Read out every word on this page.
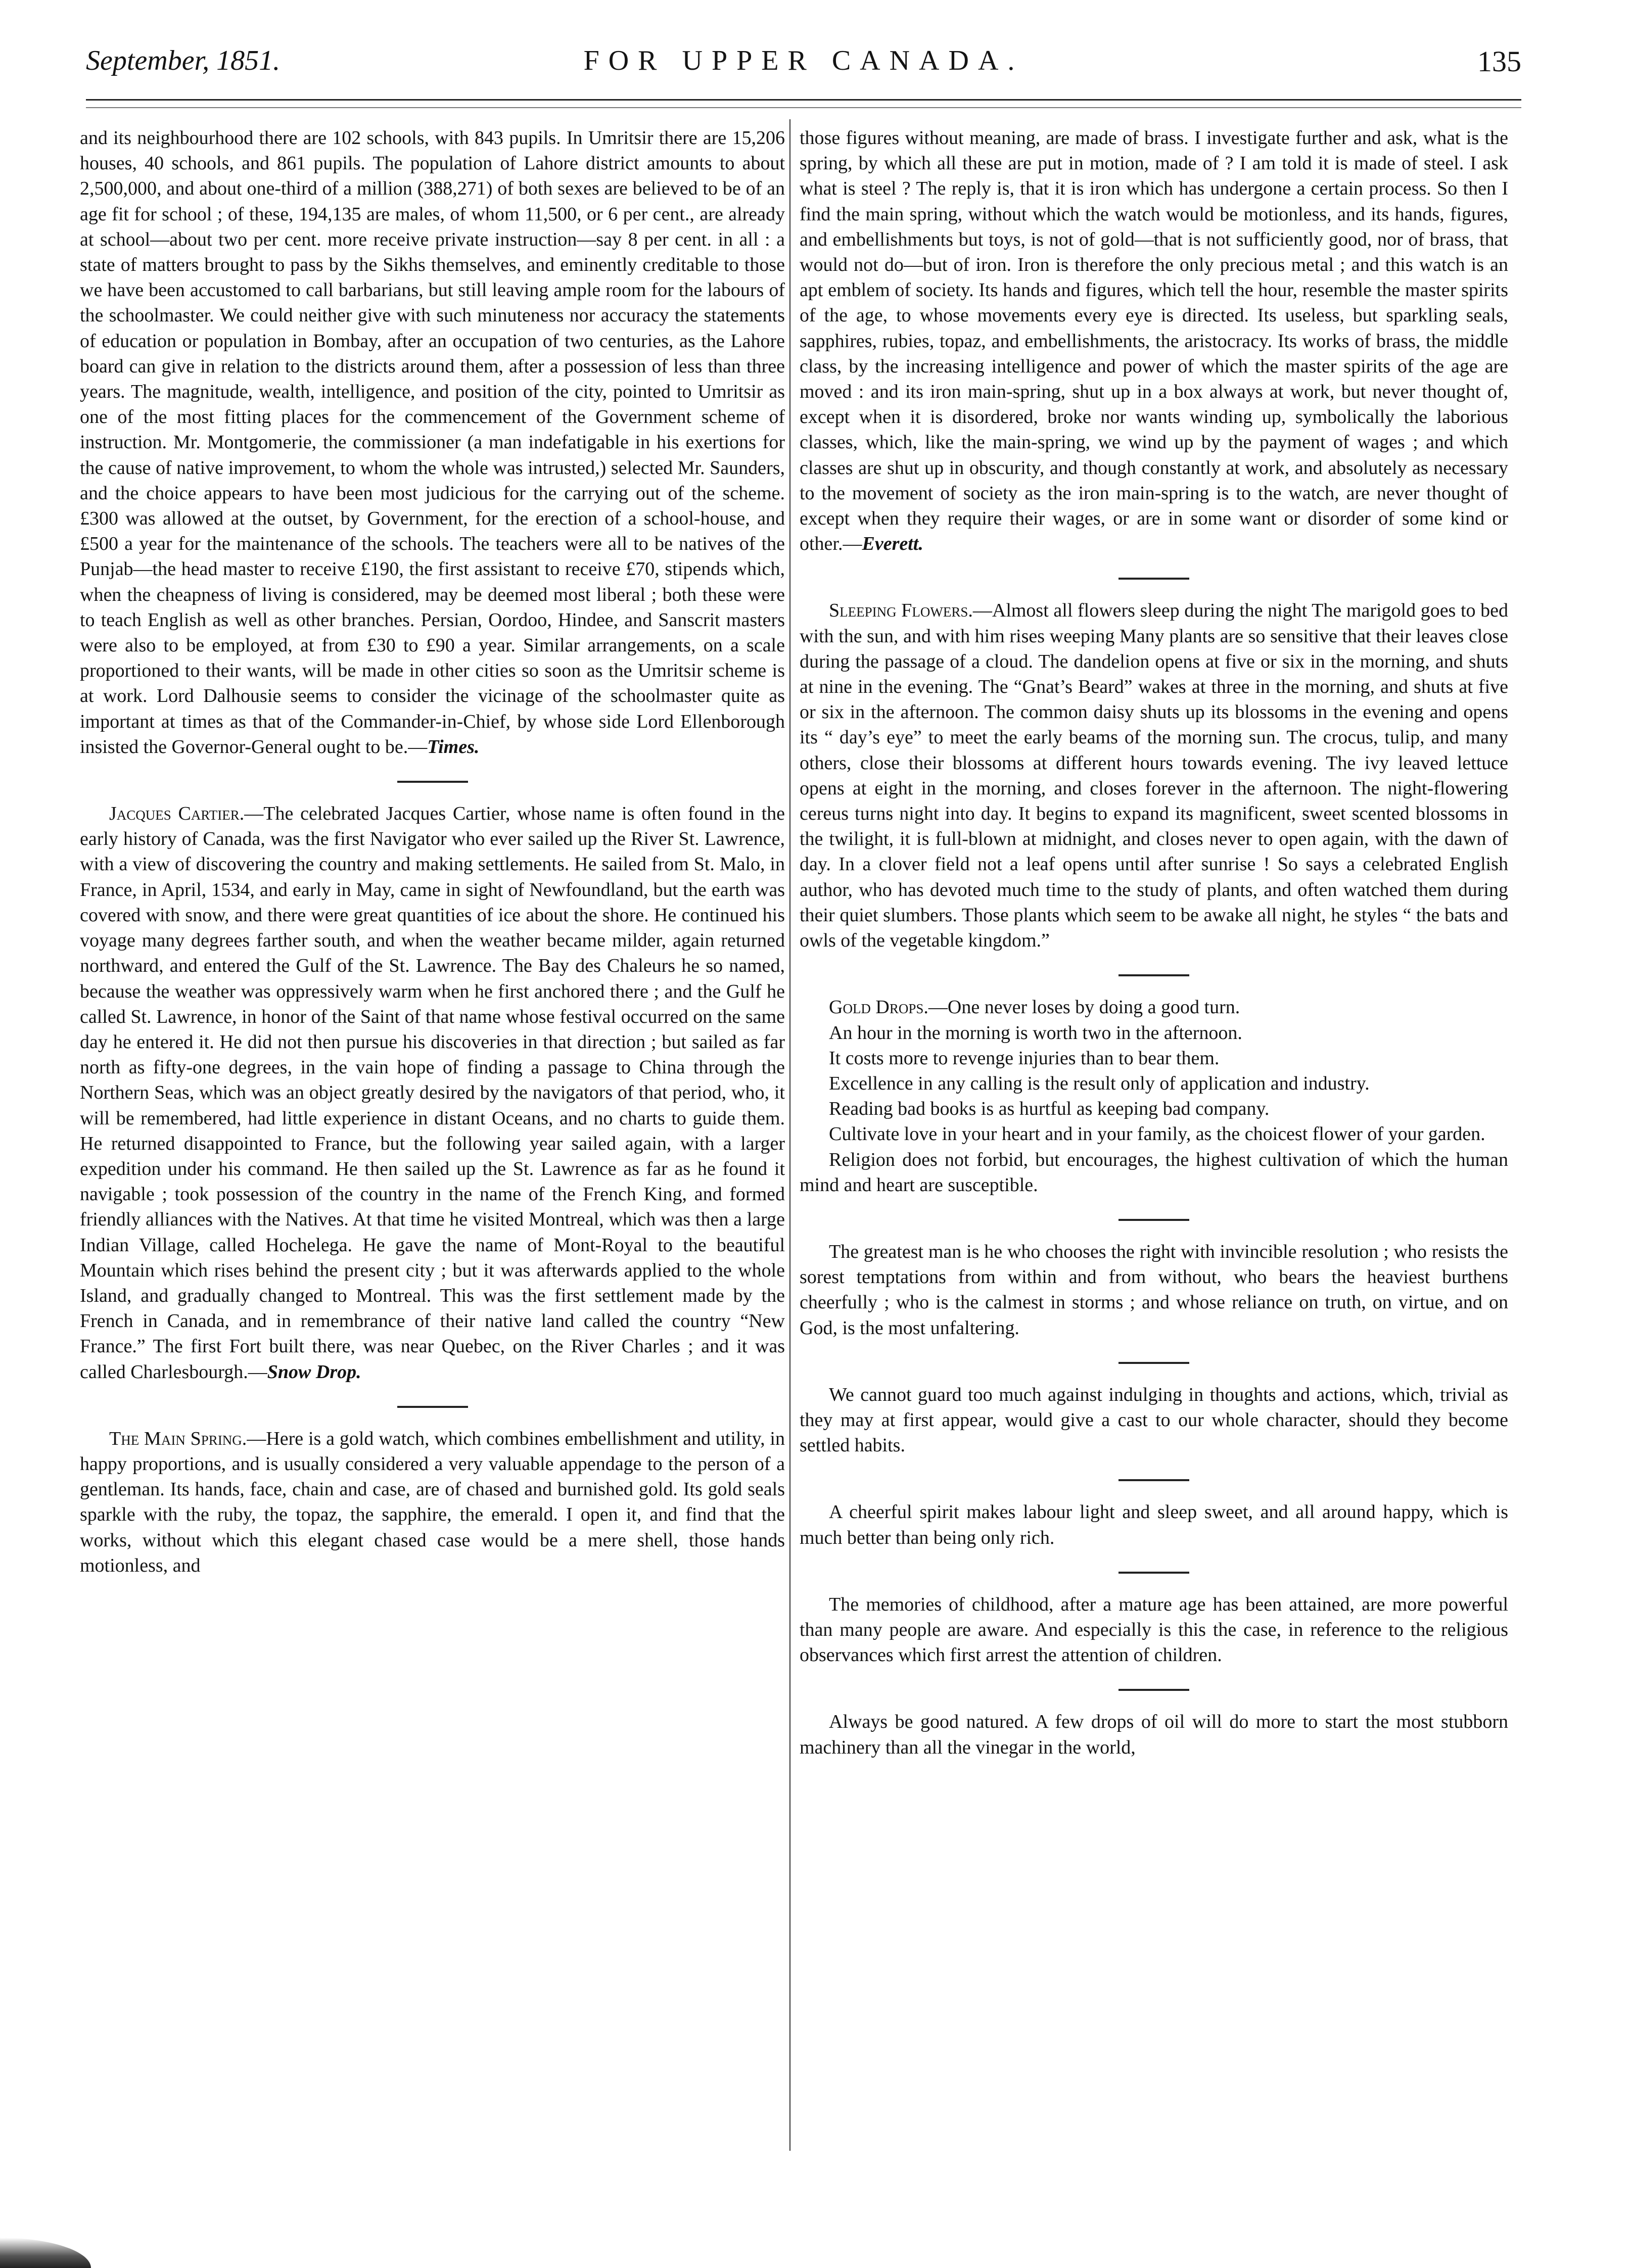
September, 1851.	FOR UPPER CANADA.	135

and its neighbourhood there are 102 schools, with 843 pupils. In Umritsir there are 15,206 houses, 40 schools, and 861 pupils. The population of Lahore district amounts to about 2,500,000, and about one-third of a million (388,271) of both sexes are believed to be of an age fit for school ; of these, 194,135 are males, of whom 11,500, or 6 per cent., are already at school—about two per cent. more receive private instruction—say 8 per cent. in all : a state of matters brought to pass by the Sikhs themselves, and eminently creditable to those we have been accustomed to call barbarians, but still leaving ample room for the labours of the schoolmaster. We could neither give with such minuteness nor accuracy the statements of education or population in Bombay, after an occupation of two centuries, as the Lahore board can give in relation to the districts around them, after a possession of less than three years. The magnitude, wealth, intelligence, and position of the city, pointed to Umritsir as one of the most fitting places for the commencement of the Government scheme of instruction. Mr. Montgomerie, the commissioner (a man indefatigable in his exertions for the cause of native improvement, to whom the whole was intrusted,) selected Mr. Saunders, and the choice appears to have been most judicious for the carrying out of the scheme. £300 was allowed at the outset, by Government, for the erection of a school-house, and £500 a year for the maintenance of the schools. The teachers were all to be natives of the Punjab—the head master to receive £190, the first assistant to receive £70, stipends which, when the cheapness of living is considered, may be deemed most liberal ; both these were to teach English as well as other branches. Persian, Oordoo, Hindee, and Sanscrit masters were also to be employed, at from £30 to £90 a year. Similar arrangements, on a scale proportioned to their wants, will be made in other cities so soon as the Umritsir scheme is at work. Lord Dalhousie seems to consider the vicinage of the schoolmaster quite as important at times as that of the Commander-in-Chief, by whose side Lord Ellenborough insisted the Governor-General ought to be.—Times.

Jacques Cartier.—The celebrated Jacques Cartier, whose name is often found in the early history of Canada, was the first Navigator who ever sailed up the River St. Lawrence, with a view of discovering the country and making settlements. He sailed from St. Malo, in France, in April, 1534, and early in May, came in sight of Newfoundland, but the earth was covered with snow, and there were great quantities of ice about the shore. He continued his voyage many degrees farther south, and when the weather became milder, again returned northward, and entered the Gulf of the St. Lawrence. The Bay des Chaleurs he so named, because the weather was oppressively warm when he first anchored there ; and the Gulf he called St. Lawrence, in honor of the Saint of that name whose festival occurred on the same day he entered it. He did not then pursue his discoveries in that direction ; but sailed as far north as fifty-one degrees, in the vain hope of finding a passage to China through the Northern Seas, which was an object greatly desired by the navigators of that period, who, it will be remembered, had little experience in distant Oceans, and no charts to guide them. He returned disappointed to France, but the following year sailed again, with a larger expedition under his command. He then sailed up the St. Lawrence as far as he found it navigable ; took possession of the country in the name of the French King, and formed friendly alliances with the Natives. At that time he visited Montreal, which was then a large Indian Village, called Hochelega. He gave the name of Mont-Royal to the beautiful Mountain which rises behind the present city ; but it was afterwards applied to the whole Island, and gradually changed to Montreal. This was the first settlement made by the French in Canada, and in remembrance of their native land called the country “New France.” The first Fort built there, was near Quebec, on the River Charles ; and it was called Charlesbourgh.—Snow Drop.

The Main Spring.—Here is a gold watch, which combines embellishment and utility, in happy proportions, and is usually considered a very valuable appendage to the person of a gentleman. Its hands, face, chain and case, are of chased and burnished gold. Its gold seals sparkle with the ruby, the topaz, the sapphire, the emerald. I open it, and find that the works, without which this elegant chased case would be a mere shell, those hands motionless, and

those figures without meaning, are made of brass. I investigate further and ask, what is the spring, by which all these are put in motion, made of ? I am told it is made of steel. I ask what is steel ? The reply is, that it is iron which has undergone a certain process. So then I find the main spring, without which the watch would be motionless, and its hands, figures, and embellishments but toys, is not of gold—that is not sufficiently good, nor of brass, that would not do—but of iron. Iron is therefore the only precious metal ; and this watch is an apt emblem of society. Its hands and figures, which tell the hour, resemble the master spirits of the age, to whose movements every eye is directed. Its useless, but sparkling seals, sapphires, rubies, topaz, and embellishments, the aristocracy. Its works of brass, the middle class, by the increasing intelligence and power of which the master spirits of the age are moved : and its iron main-spring, shut up in a box always at work, but never thought of, except when it is disordered, broke nor wants winding up, symbolically the laborious classes, which, like the main-spring, we wind up by the payment of wages ; and which classes are shut up in obscurity, and though constantly at work, and absolutely as necessary to the movement of society as the iron main-spring is to the watch, are never thought of except when they require their wages, or are in some want or disorder of some kind or other.—Everett.

Sleeping Flowers.—Almost all flowers sleep during the night The marigold goes to bed with the sun, and with him rises weeping Many plants are so sensitive that their leaves close during the passage of a cloud. The dandelion opens at five or six in the morning, and shuts at nine in the evening. The “Gnat’s Beard” wakes at three in the morning, and shuts at five or six in the afternoon. The common daisy shuts up its blossoms in the evening and opens its “ day’s eye” to meet the early beams of the morning sun. The crocus, tulip, and many others, close their blossoms at different hours towards evening. The ivy leaved lettuce opens at eight in the morning, and closes forever in the afternoon. The night-flowering cereus turns night into day. It begins to expand its magnificent, sweet scented blossoms in the twilight, it is full-blown at midnight, and closes never to open again, with the dawn of day. In a clover field not a leaf opens until after sunrise ! So says a celebrated English author, who has devoted much time to the study of plants, and often watched them during their quiet slumbers. Those plants which seem to be awake all night, he styles “ the bats and owls of the vegetable kingdom.”

Gold Drops.—One never loses by doing a good turn.

An hour in the morning is worth two in the afternoon.

It costs more to revenge injuries than to bear them.

Excellence in any calling is the result only of application and industry.

Reading bad books is as hurtful as keeping bad company.

Cultivate love in your heart and in your family, as the choicest flower of your garden.

Religion does not forbid, but encourages, the highest cultivation of which the human mind and heart are susceptible.

The greatest man is he who chooses the right with invincible resolution ; who resists the sorest temptations from within and from without, who bears the heaviest burthens cheerfully ; who is the calmest in storms ; and whose reliance on truth, on virtue, and on God, is the most unfaltering.

We cannot guard too much against indulging in thoughts and actions, which, trivial as they may at first appear, would give a cast to our whole character, should they become settled habits.

A cheerful spirit makes labour light and sleep sweet, and all around happy, which is much better than being only rich.

The memories of childhood, after a mature age has been attained, are more powerful than many people are aware. And especially is this the case, in reference to the religious observances which first arrest the attention of children.

Always be good natured. A few drops of oil will do more to start the most stubborn machinery than all the vinegar in the world,
